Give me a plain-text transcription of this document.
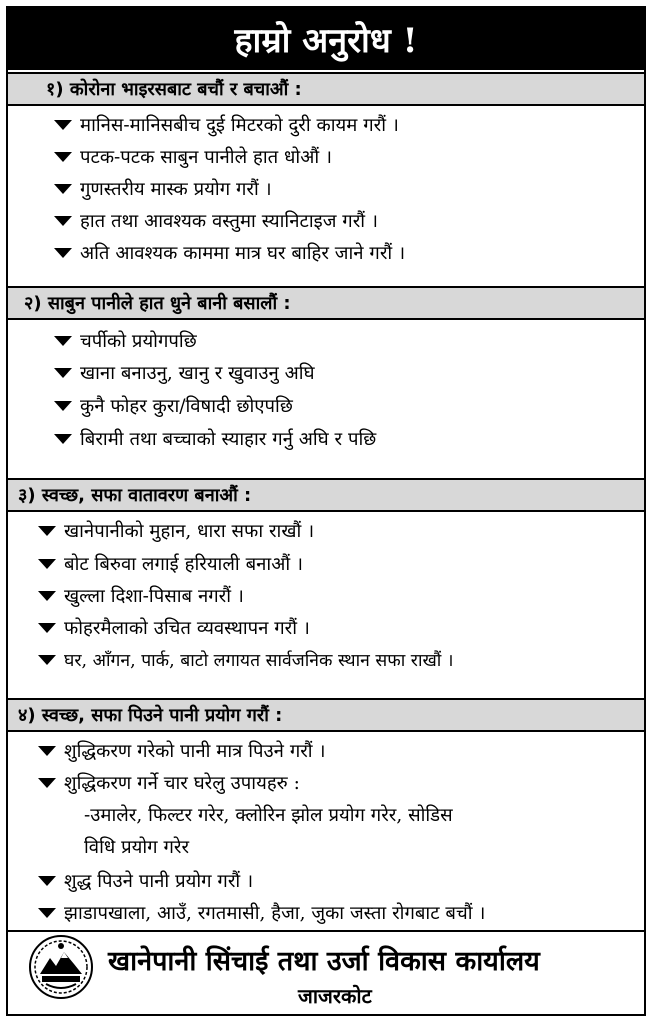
हाम्रो अनुरोध !
१) कोरोना भाइरसबाट बचौं र बचाऔं :
मानिस-मानिसबीच दुई मिटरको दुरी कायम गरौं ।
पटक-पटक साबुन पानीले हात धोऔं ।
गुणस्तरीय मास्क प्रयोग गरौं ।
हात तथा आवश्यक वस्तुमा स्यानिटाइज गरौं ।
अति आवश्यक काममा मात्र घर बाहिर जाने गरौं ।
२) साबुन पानीले हात धुने बानी बसालौं :
चर्पीको प्रयोगपछि
खाना बनाउनु, खानु र खुवाउनु अघि
कुनै फोहर कुरा/विषादी छोएपछि
बिरामी तथा बच्चाको स्याहार गर्नु अघि र पछि
३) स्वच्छ, सफा वातावरण बनाऔं :
खानेपानीको मुहान, धारा सफा राखौं ।
बोट बिरुवा लगाई हरियाली बनाऔं ।
खुल्ला दिशा-पिसाब नगरौं ।
फोहरमैलाको उचित व्यवस्थापन गरौं ।
घर, आँगन, पार्क, बाटो लगायत सार्वजनिक स्थान सफा राखौं ।
४) स्वच्छ, सफा पिउने पानी प्रयोग गरौं :
शुद्धिकरण गरेको पानी मात्र पिउने गरौं ।
शुद्धिकरण गर्ने चार घरेलु उपायहरु :
-उमालेर, फिल्टर गरेर, क्लोरिन झोल प्रयोग गरेर, सोडिस
विधि प्रयोग गरेर
शुद्ध पिउने पानी प्रयोग गरौं ।
झाडापखाला, आउँ, रगतमासी, हैजा, जुका जस्ता रोगबाट बचौं ।
खानेपानी सिंचाई तथा उर्जा विकास कार्यालय
जाजरकोट
